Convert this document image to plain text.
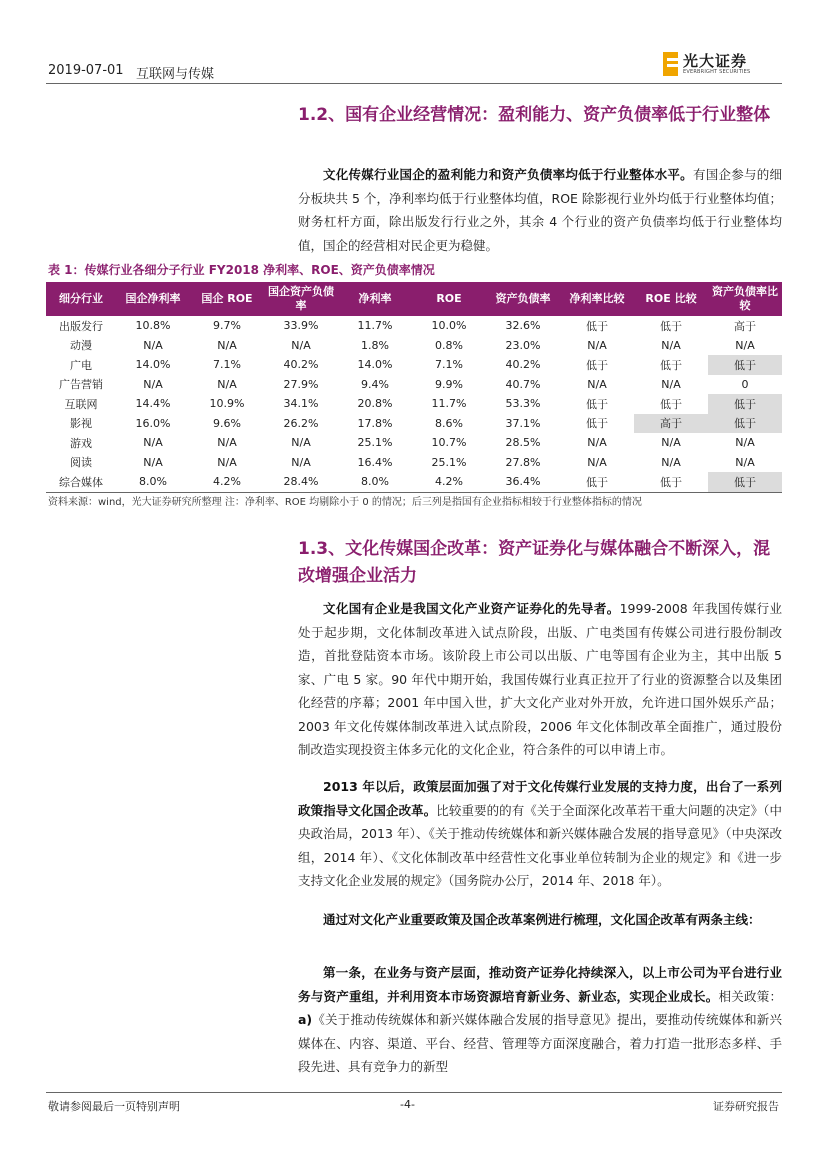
2019-07-01 互联网与传媒
光大证券
EVERBRIGHT SECURITIES
1.2、国有企业经营情况：盈利能力、资产负债率低于行业整体
文化传媒行业国企的盈利能力和资产负债率均低于行业整体水平。有国企参与的细分板块共 5 个，净利率均低于行业整体均值，ROE 除影视行业外均低于行业整体均值；财务杠杆方面，除出版发行行业之外，其余 4 个行业的资产负债率均低于行业整体均值，国企的经营相对民企更为稳健。
表 1：传媒行业各细分子行业 FY2018 净利率、ROE、资产负债率情况
细分行业	国企净利率	国企 ROE	国企资产负债率	净利率	ROE	资产负债率	净利率比较	ROE 比较	资产负债率比较
出版发行	10.8%	9.7%	33.9%	11.7%	10.0%	32.6%	低于	低于	高于
动漫	N/A	N/A	N/A	1.8%	0.8%	23.0%	N/A	N/A	N/A
广电	14.0%	7.1%	40.2%	14.0%	7.1%	40.2%	低于	低于	低于
广告营销	N/A	N/A	27.9%	9.4%	9.9%	40.7%	N/A	N/A	0
互联网	14.4%	10.9%	34.1%	20.8%	11.7%	53.3%	低于	低于	低于
影视	16.0%	9.6%	26.2%	17.8%	8.6%	37.1%	低于	高于	低于
游戏	N/A	N/A	N/A	25.1%	10.7%	28.5%	N/A	N/A	N/A
阅读	N/A	N/A	N/A	16.4%	25.1%	27.8%	N/A	N/A	N/A
综合媒体	8.0%	4.2%	28.4%	8.0%	4.2%	36.4%	低于	低于	低于
资料来源：wind，光大证券研究所整理 注：净利率、ROE 均剔除小于 0 的情况；后三列是指国有企业指标相较于行业整体指标的情况
1.3、文化传媒国企改革：资产证券化与媒体融合不断深入，混改增强企业活力
文化国有企业是我国文化产业资产证券化的先导者。1999-2008 年我国传媒行业处于起步期，文化体制改革进入试点阶段，出版、广电类国有传媒公司进行股份制改造，首批登陆资本市场。该阶段上市公司以出版、广电等国有企业为主，其中出版 5 家、广电 5 家。90 年代中期开始，我国传媒行业真正拉开了行业的资源整合以及集团化经营的序幕；2001 年中国入世，扩大文化产业对外开放，允许进口国外娱乐产品；2003 年文化传媒体制改革进入试点阶段，2006 年文化体制改革全面推广，通过股份制改造实现投资主体多元化的文化企业，符合条件的可以申请上市。
2013 年以后，政策层面加强了对于文化传媒行业发展的支持力度，出台了一系列政策指导文化国企改革。比较重要的的有《关于全面深化改革若干重大问题的决定》（中央政治局，2013 年）、《关于推动传统媒体和新兴媒体融合发展的指导意见》（中央深改组，2014 年）、《文化体制改革中经营性文化事业单位转制为企业的规定》和《进一步支持文化企业发展的规定》（国务院办公厅，2014 年、2018 年）。
通过对文化产业重要政策及国企改革案例进行梳理，文化国企改革有两条主线：
第一条，在业务与资产层面，推动资产证券化持续深入，以上市公司为平台进行业务与资产重组，并利用资本市场资源培育新业务、新业态，实现企业成长。相关政策：a)《关于推动传统媒体和新兴媒体融合发展的指导意见》提出，要推动传统媒体和新兴媒体在、内容、渠道、平台、经营、管理等方面深度融合，着力打造一批形态多样、手段先进、具有竞争力的新型
敬请参阅最后一页特别声明	-4-	证券研究报告
